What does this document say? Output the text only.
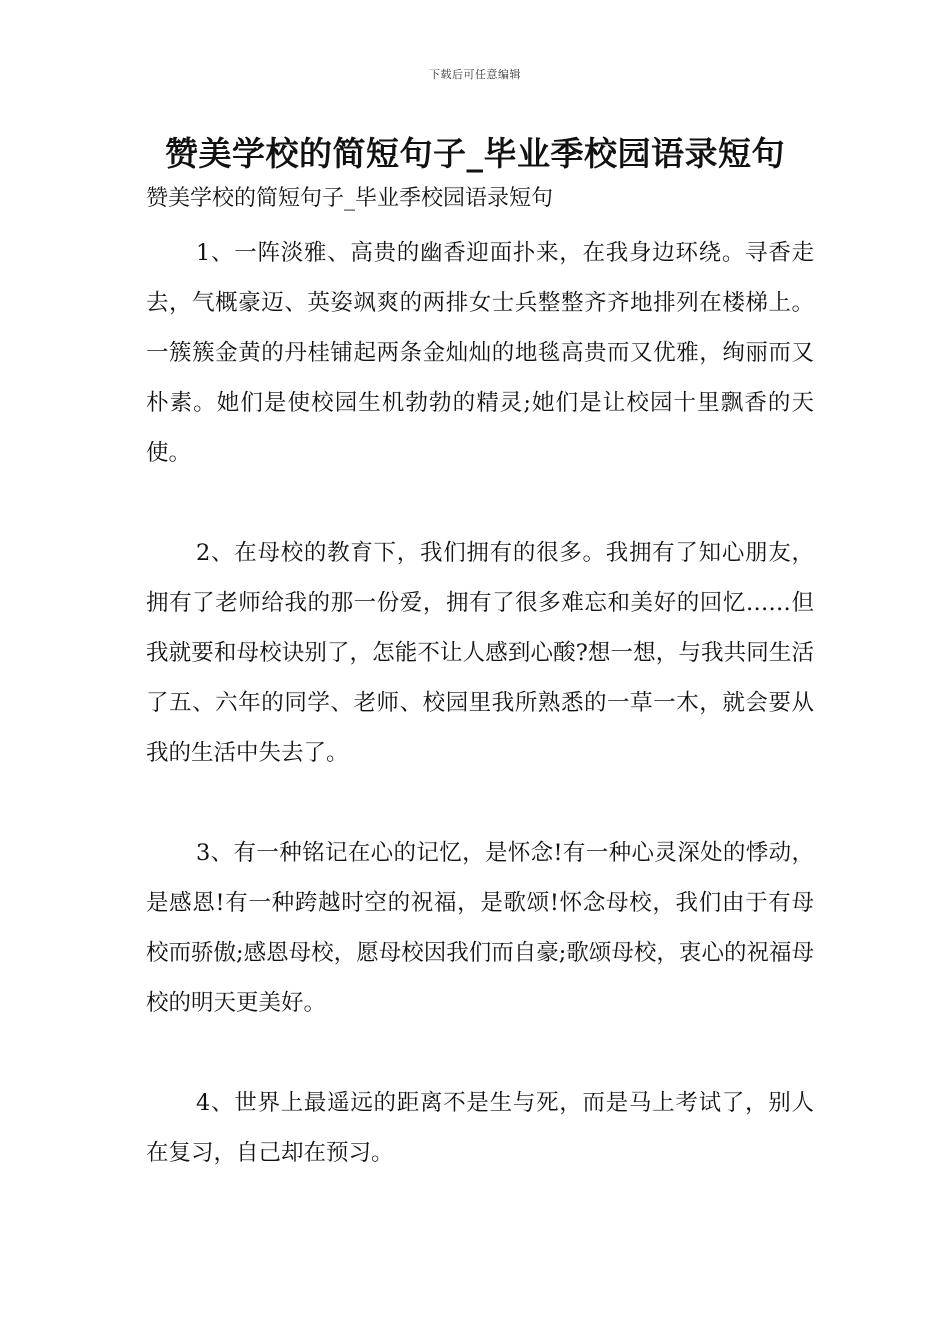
下载后可任意编辑
赞美学校的简短句子_毕业季校园语录短句

赞美学校的简短句子_毕业季校园语录短句

1、一阵淡雅、高贵的幽香迎面扑来，在我身边环绕。寻香走去，气概豪迈、英姿飒爽的两排女士兵整整齐齐地排列在楼梯上。一簇簇金黄的丹桂铺起两条金灿灿的地毯高贵而又优雅，绚丽而又朴素。她们是使校园生机勃勃的精灵;她们是让校园十里飘香的天使。

2、在母校的教育下，我们拥有的很多。我拥有了知心朋友，拥有了老师给我的那一份爱，拥有了很多难忘和美好的回忆……但我就要和母校诀别了，怎能不让人感到心酸?想一想，与我共同生活了五、六年的同学、老师、校园里我所熟悉的一草一木，就会要从我的生活中失去了。

3、有一种铭记在心的记忆，是怀念!有一种心灵深处的悸动，是感恩!有一种跨越时空的祝福，是歌颂!怀念母校，我们由于有母校而骄傲;感恩母校，愿母校因我们而自豪;歌颂母校，衷心的祝福母校的明天更美好。

4、世界上最遥远的距离不是生与死，而是马上考试了，别人在复习，自己却在预习。
